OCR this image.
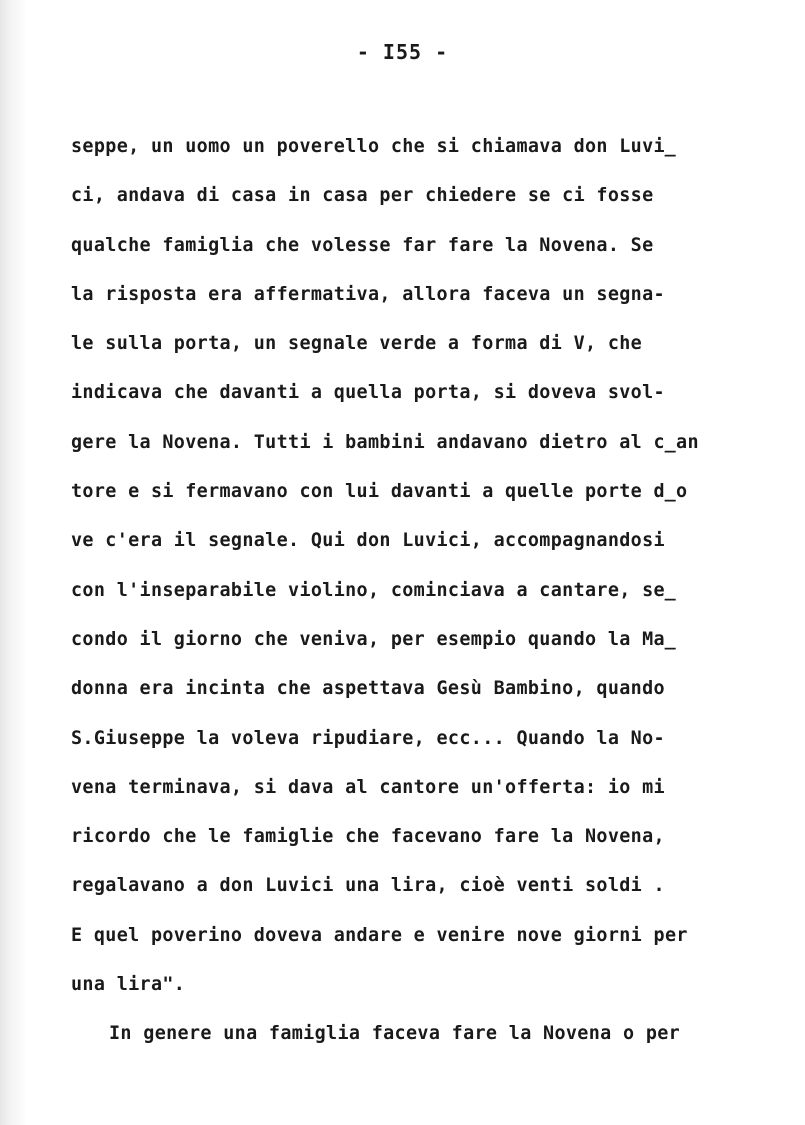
- I55 -
seppe, un uomo un poverello che si chiamava don Luvi̲
ci, andava di casa in casa per chiedere se ci fosse
qualche famiglia che volesse far fare la Novena. Se
la risposta era affermativa, allora faceva un segna-
le sulla porta, un segnale verde a forma di V, che
indicava che davanti a quella porta, si doveva svol-
gere la Novena. Tutti i bambini andavano dietro al c̲an
tore e si fermavano con lui davanti a quelle porte d̲o
ve c'era il segnale. Qui don Luvici, accompagnandosi
con l'inseparabile violino, cominciava a cantare, se̲
condo il giorno che veniva, per esempio quando la Ma̲
donna era incinta che aspettava Gesù Bambino, quando
S.Giuseppe la voleva ripudiare, ecc... Quando la No-
vena terminava, si dava al cantore un'offerta: io mi
ricordo che le famiglie che facevano fare la Novena,
regalavano a don Luvici una lira, cioè venti soldi .
E quel poverino doveva andare e venire nove giorni per
una lira".
In genere una famiglia faceva fare la Novena o per
